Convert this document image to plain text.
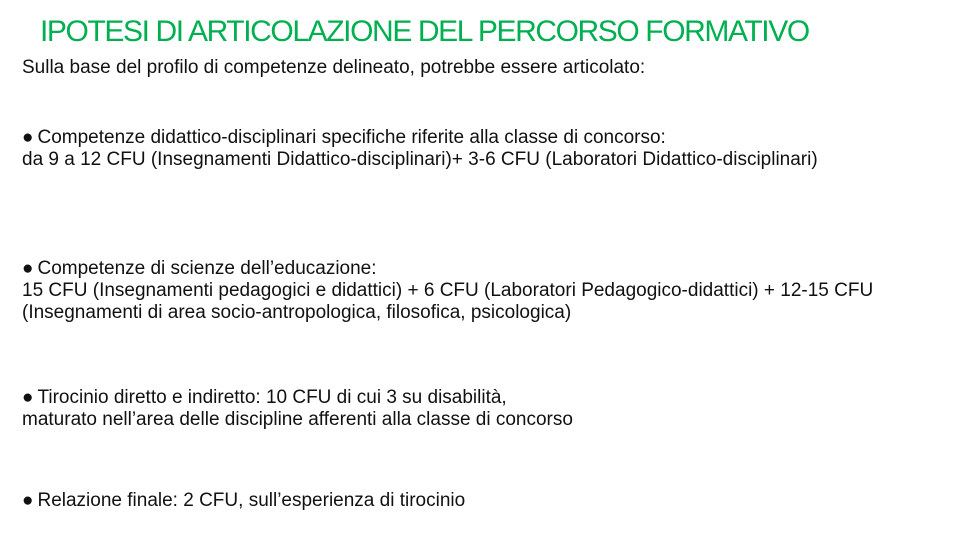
IPOTESI DI ARTICOLAZIONE DEL PERCORSO FORMATIVO
Sulla base del profilo di competenze delineato, potrebbe essere articolato:

● Competenze didattico-disciplinari specifiche riferite alla classe di concorso:

da 9 a 12 CFU (Insegnamenti Didattico-disciplinari)+ 3-6 CFU (Laboratori Didattico-disciplinari)

● Competenze di scienze dell’educazione:

15 CFU (Insegnamenti pedagogici e didattici) + 6 CFU (Laboratori Pedagogico-didattici) + 12-15 CFU (Insegnamenti di area socio-antropologica, filosofica, psicologica)

● Tirocinio diretto e indiretto: 10 CFU di cui 3 su disabilità,

maturato nell’area delle discipline afferenti alla classe di concorso

● Relazione finale: 2 CFU, sull’esperienza di tirocinio
